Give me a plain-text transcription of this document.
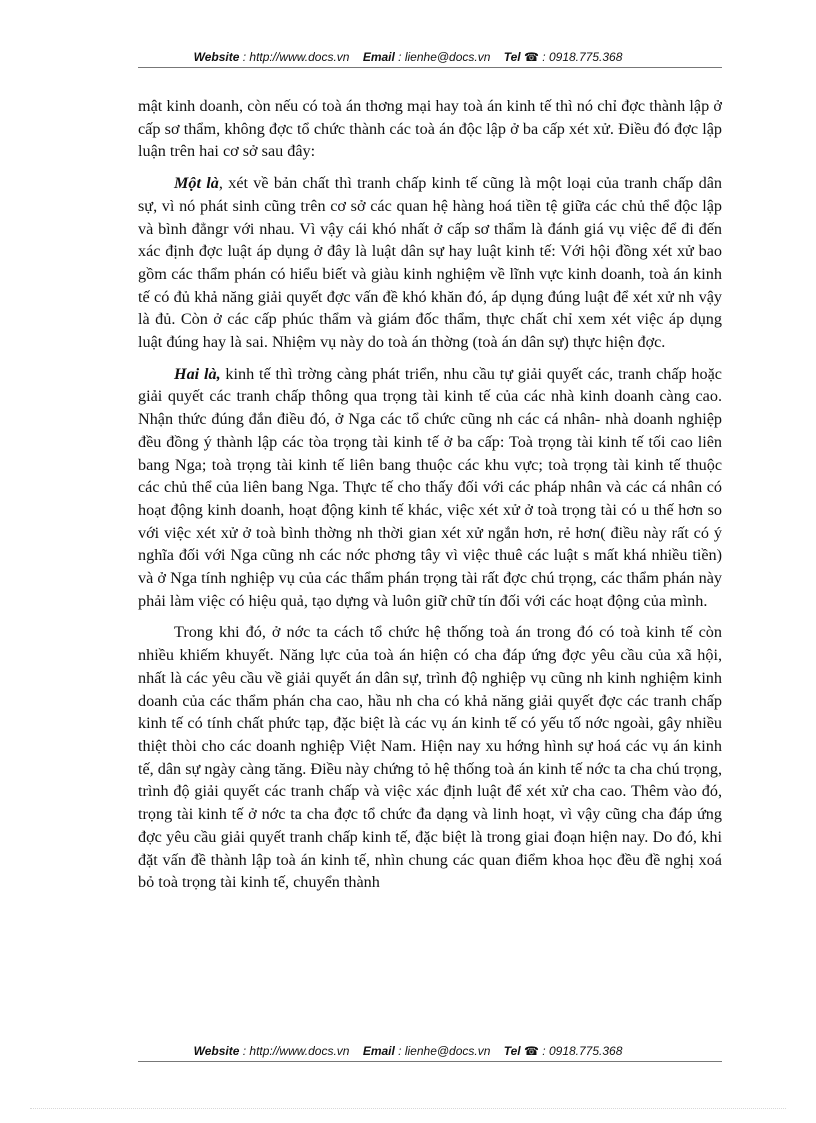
Website : http://www.docs.vn Email : lienhe@docs.vn Tel ☎ : 0918.775.368

mật kinh doanh, còn nếu có toà án thơng mại hay toà án kinh tế thì nó chỉ đợc thành lập ở cấp sơ thẩm, không đợc tổ chức thành các toà án độc lập ở ba cấp xét xử. Điều đó đợc lập luận trên hai cơ sở sau đây:

Một là, xét về bản chất thì tranh chấp kinh tế cũng là một loại của tranh chấp dân sự, vì nó phát sinh cũng trên cơ sở các quan hệ hàng hoá tiền tệ giữa các chủ thể độc lập và bình đẳngr với nhau. Vì vậy cái khó nhất ở cấp sơ thẩm là đánh giá vụ việc để đi đến xác định đợc luật áp dụng ở đây là luật dân sự hay luật kinh tế: Với hội đồng xét xử bao gồm các thẩm phán có hiểu biết và giàu kinh nghiệm về lĩnh vực kinh doanh, toà án kinh tế có đủ khả năng giải quyết đợc vấn đề khó khăn đó, áp dụng đúng luật để xét xử nh vậy là đủ. Còn ở các cấp phúc thẩm và giám đốc thẩm, thực chất chỉ xem xét việc áp dụng luật đúng hay là sai. Nhiệm vụ này do toà án thờng (toà án dân sự) thực hiện đợc.

Hai là, kinh tế thì trờng càng phát triển, nhu cầu tự giải quyết các, tranh chấp hoặc giải quyết các tranh chấp thông qua trọng tài kinh tế của các nhà kinh doanh càng cao. Nhận thức đúng đắn điều đó, ở Nga các tổ chức cũng nh các cá nhân- nhà doanh nghiệp đều đồng ý thành lập các tòa trọng tài kinh tế ở ba cấp: Toà trọng tài kinh tế tối cao liên bang Nga; toà trọng tài kinh tế liên bang thuộc các khu vực; toà trọng tài kinh tế thuộc các chủ thể của liên bang Nga. Thực tế cho thấy đối với các pháp nhân và các cá nhân có hoạt động kinh doanh, hoạt động kinh tế khác, việc xét xử ở toà trọng tài có u thế hơn so với việc xét xử ở toà bình thờng nh thời gian xét xử ngắn hơn, rẻ hơn( điều này rất có ý nghĩa đối với Nga cũng nh các nớc phơng tây vì việc thuê các luật s mất khá nhiều tiền) và ở Nga tính nghiệp vụ của các thẩm phán trọng tài rất đợc chú trọng, các thẩm phán này phải làm việc có hiệu quả, tạo dựng và luôn giữ chữ tín đối với các hoạt động của mình.

Trong khi đó, ở nớc ta cách tổ chức hệ thống toà án trong đó có toà kinh tế còn nhiều khiếm khuyết. Năng lực của toà án hiện có cha đáp ứng đợc yêu cầu của xã hội, nhất là các yêu cầu về giải quyết án dân sự, trình độ nghiệp vụ cũng nh kinh nghiệm kinh doanh của các thẩm phán cha cao, hầu nh cha có khả năng giải quyết đợc các tranh chấp kinh tế có tính chất phức tạp, đặc biệt là các vụ án kinh tế có yếu tố nớc ngoài, gây nhiều thiệt thòi cho các doanh nghiệp Việt Nam. Hiện nay xu hớng hình sự hoá các vụ án kinh tế, dân sự ngày càng tăng. Điều này chứng tỏ hệ thống toà án kinh tế nớc ta cha chú trọng, trình độ giải quyết các tranh chấp và việc xác định luật để xét xử cha cao. Thêm vào đó, trọng tài kinh tế ở nớc ta cha đợc tổ chức đa dạng và linh hoạt, vì vậy cũng cha đáp ứng đợc yêu cầu giải quyết tranh chấp kinh tế, đặc biệt là trong giai đoạn hiện nay. Do đó, khi đặt vấn đề thành lập toà án kinh tế, nhìn chung các quan điểm khoa học đều đề nghị xoá bỏ toà trọng tài kinh tế, chuyển thành

Website : http://www.docs.vn Email : lienhe@docs.vn Tel ☎ : 0918.775.368
